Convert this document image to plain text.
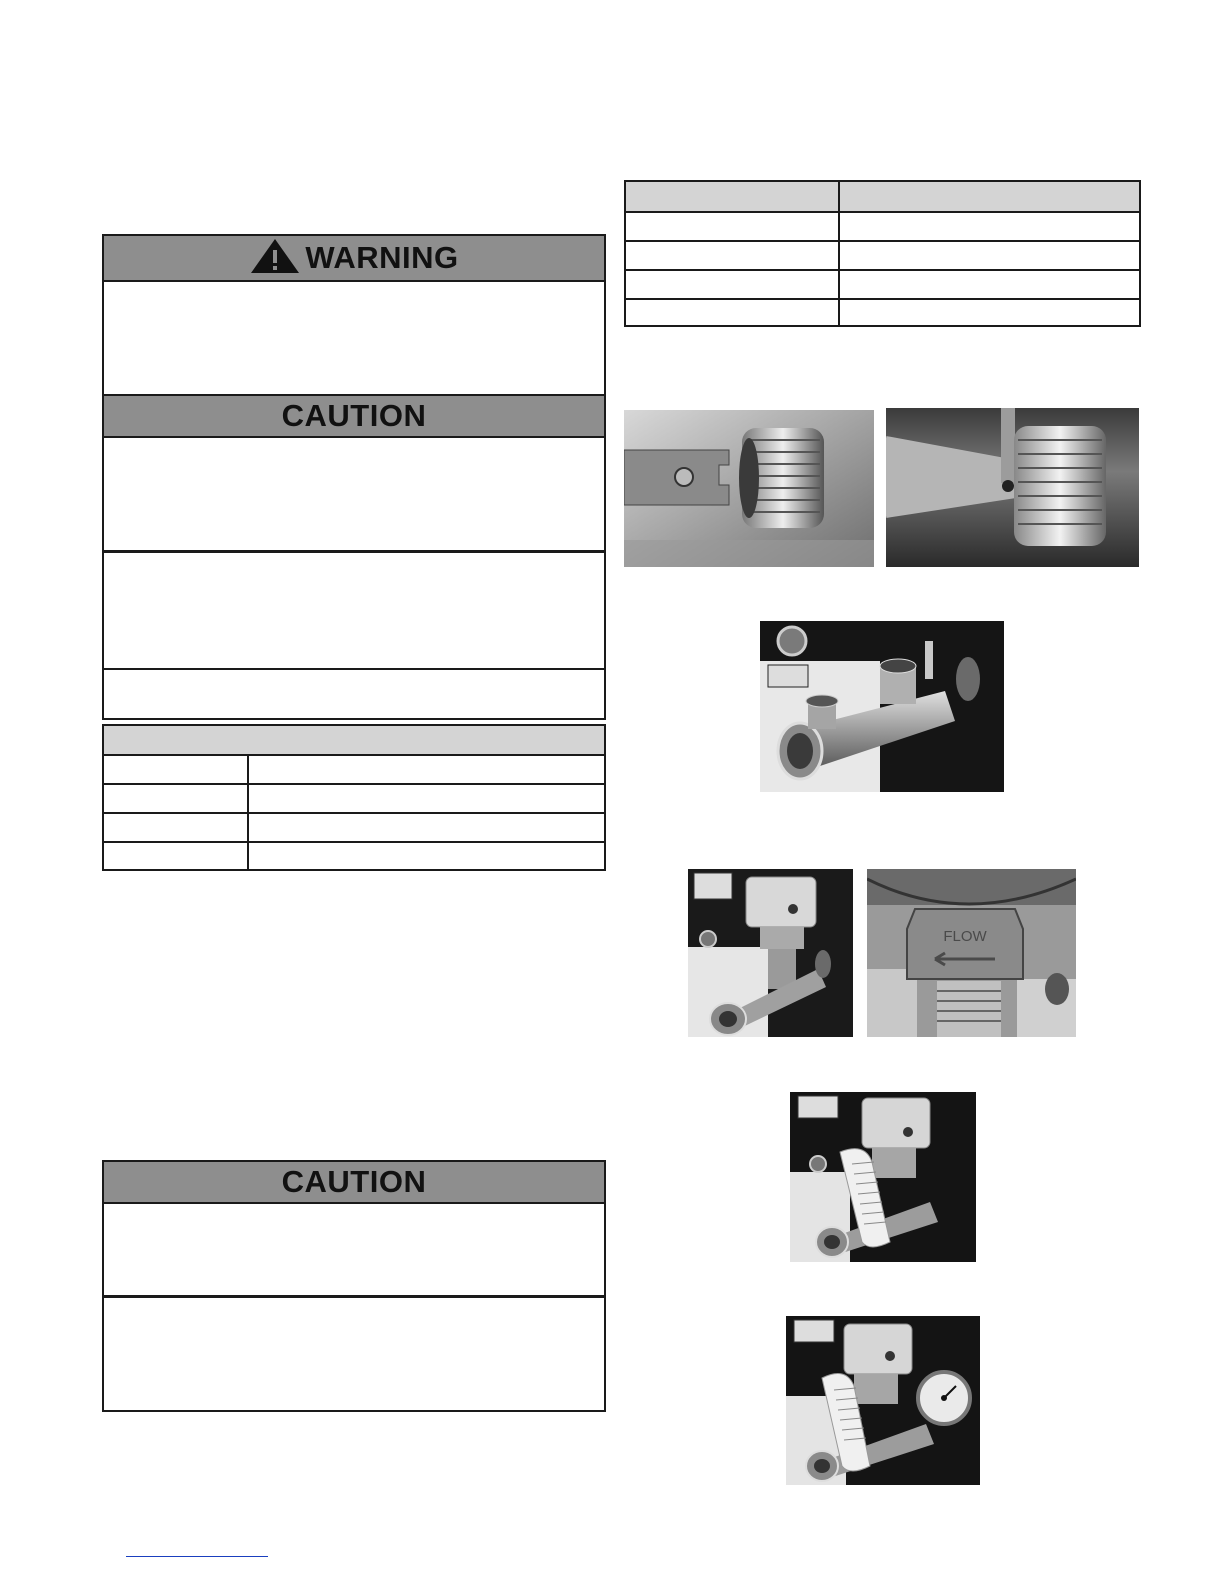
WARNING
CAUTION
CAUTION
FLOW
